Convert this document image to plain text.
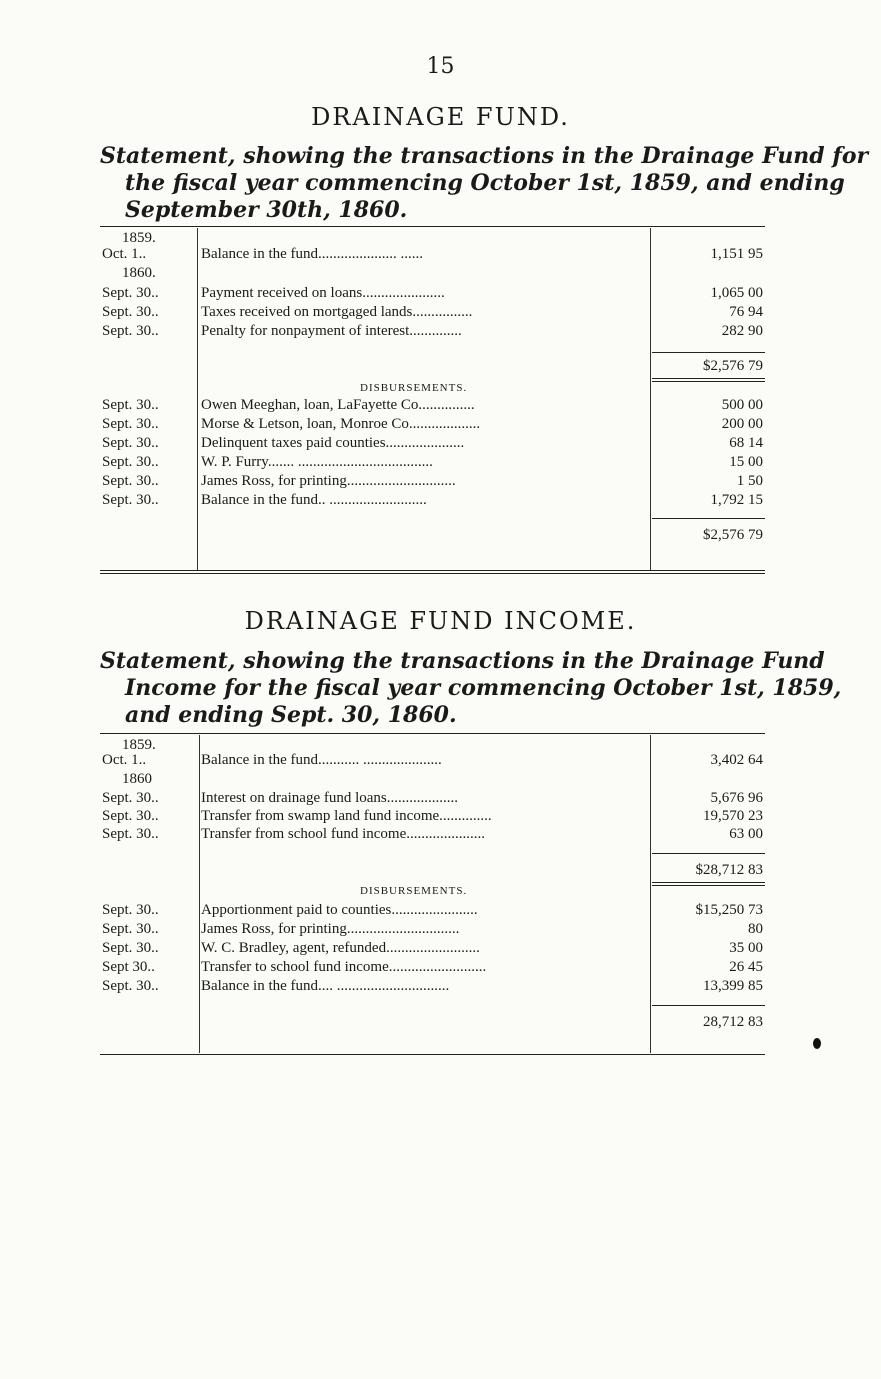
15
DRAINAGE FUND.
Statement, showing the transactions in the Drainage Fund for
the fiscal year commencing October 1st, 1859, and ending
September 30th, 1860.
1859.
Oct. 1..	Balance in the fund..................... ......	1,151 95
1860.
Sept. 30..	Payment received on loans......................	1,065 00
Sept. 30..	Taxes received on mortgaged lands................	76 94
Sept. 30..	Penalty for nonpayment of interest..............	282 90
$2,576 79
DISBURSEMENTS.
Sept. 30..	Owen Meeghan, loan, LaFayette Co...............	500 00
Sept. 30..	Morse & Letson, loan, Monroe Co...................	200 00
Sept. 30..	Delinquent taxes paid counties.....................	68 14
Sept. 30..	W. P. Furry....... ....................................	15 00
Sept. 30..	James Ross, for printing.............................	1 50
Sept. 30..	Balance in the fund.. ..........................	1,792 15
$2,576 79
DRAINAGE FUND INCOME.
Statement, showing the transactions in the Drainage Fund
Income for the fiscal year commencing October 1st, 1859,
and ending Sept. 30, 1860.
1859.
Oct. 1..	Balance in the fund........... .....................	3,402 64
1860
Sept. 30..	Interest on drainage fund loans...................	5,676 96
Sept. 30..	Transfer from swamp land fund income..............	19,570 23
Sept. 30..	Transfer from school fund income.....................	63 00
$28,712 83
DISBURSEMENTS.
Sept. 30..	Apportionment paid to counties.......................	$15,250 73
Sept. 30..	James Ross, for printing..............................	80
Sept. 30..	W. C. Bradley, agent, refunded.........................	35 00
Sept 30..	Transfer to school fund income..........................	26 45
Sept. 30..	Balance in the fund.... ..............................	13,399 85
28,712 83
